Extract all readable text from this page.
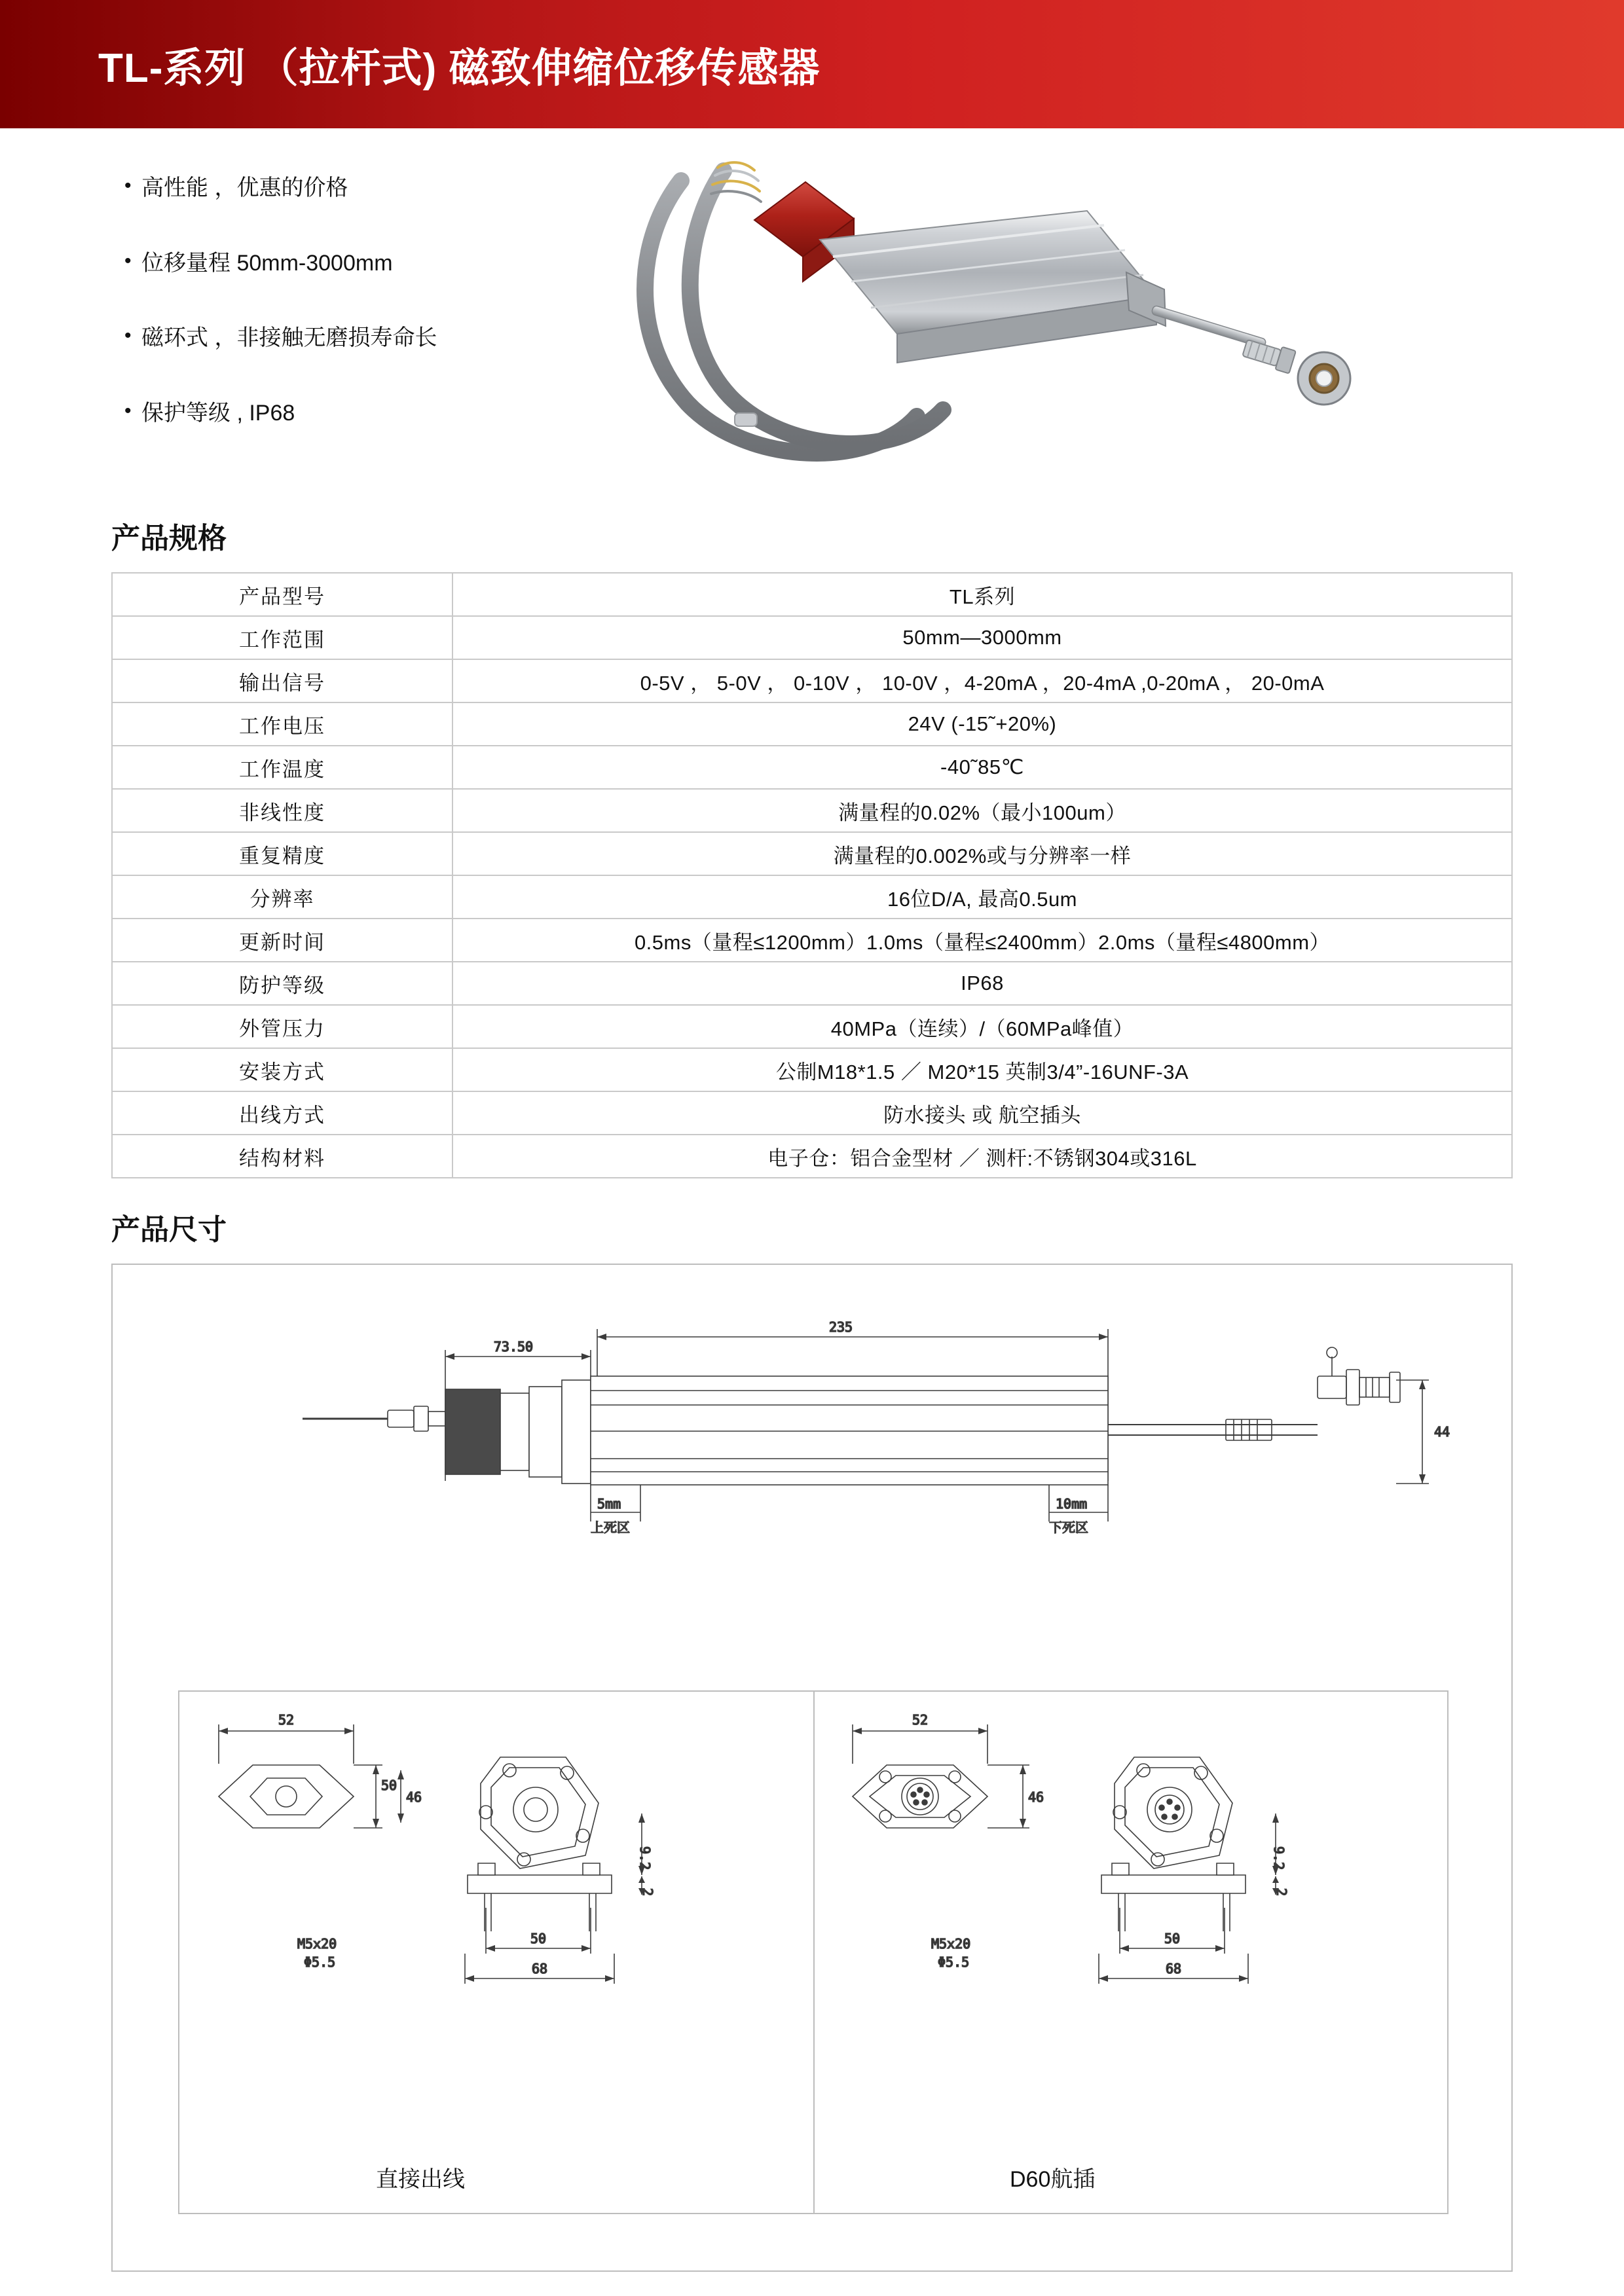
TL-系列 （拉杆式) 磁致伸缩位移传感器
• 高性能 ，优惠的价格
• 位移量程 50mm-3000mm
• 磁环式 ，非接触无磨损寿命长
• 保护等级 , IP68
产品规格
产品型号	TL系列
工作范围	50mm—3000mm
输出信号	0-5V ， 5-0V ， 0-10V ， 10-0V ，4-20mA ，20-4mA ,0-20mA ， 20-0mA
工作电压	24V (-15˜+20%)
工作温度	-40˜85℃
非线性度	满量程的0.02%（最小100um）
重复精度	满量程的0.002%或与分辨率一样
分辨率	16位D/A, 最高0.5um
更新时间	0.5ms（量程≤1200mm）1.0ms（量程≤2400mm）2.0ms（量程≤4800mm）
防护等级	IP68
外管压力	40MPa（连续）/（60MPa峰值）
安装方式	公制M18*1.5 ／ M20*15 英制3/4”-16UNF-3A
出线方式	防水接头 或 航空插头
结构材料	电子仓：铝合金型材 ／ 测杆:不锈钢304或316L
产品尺寸
235
73.50
44
5mm
上死区
10mm
下死区
52
50
46
9.2
2
50
68
M5x20
Φ5.5
直接出线
52
46
9.2
2
50
68
M5x20
Φ5.5
D60航插
